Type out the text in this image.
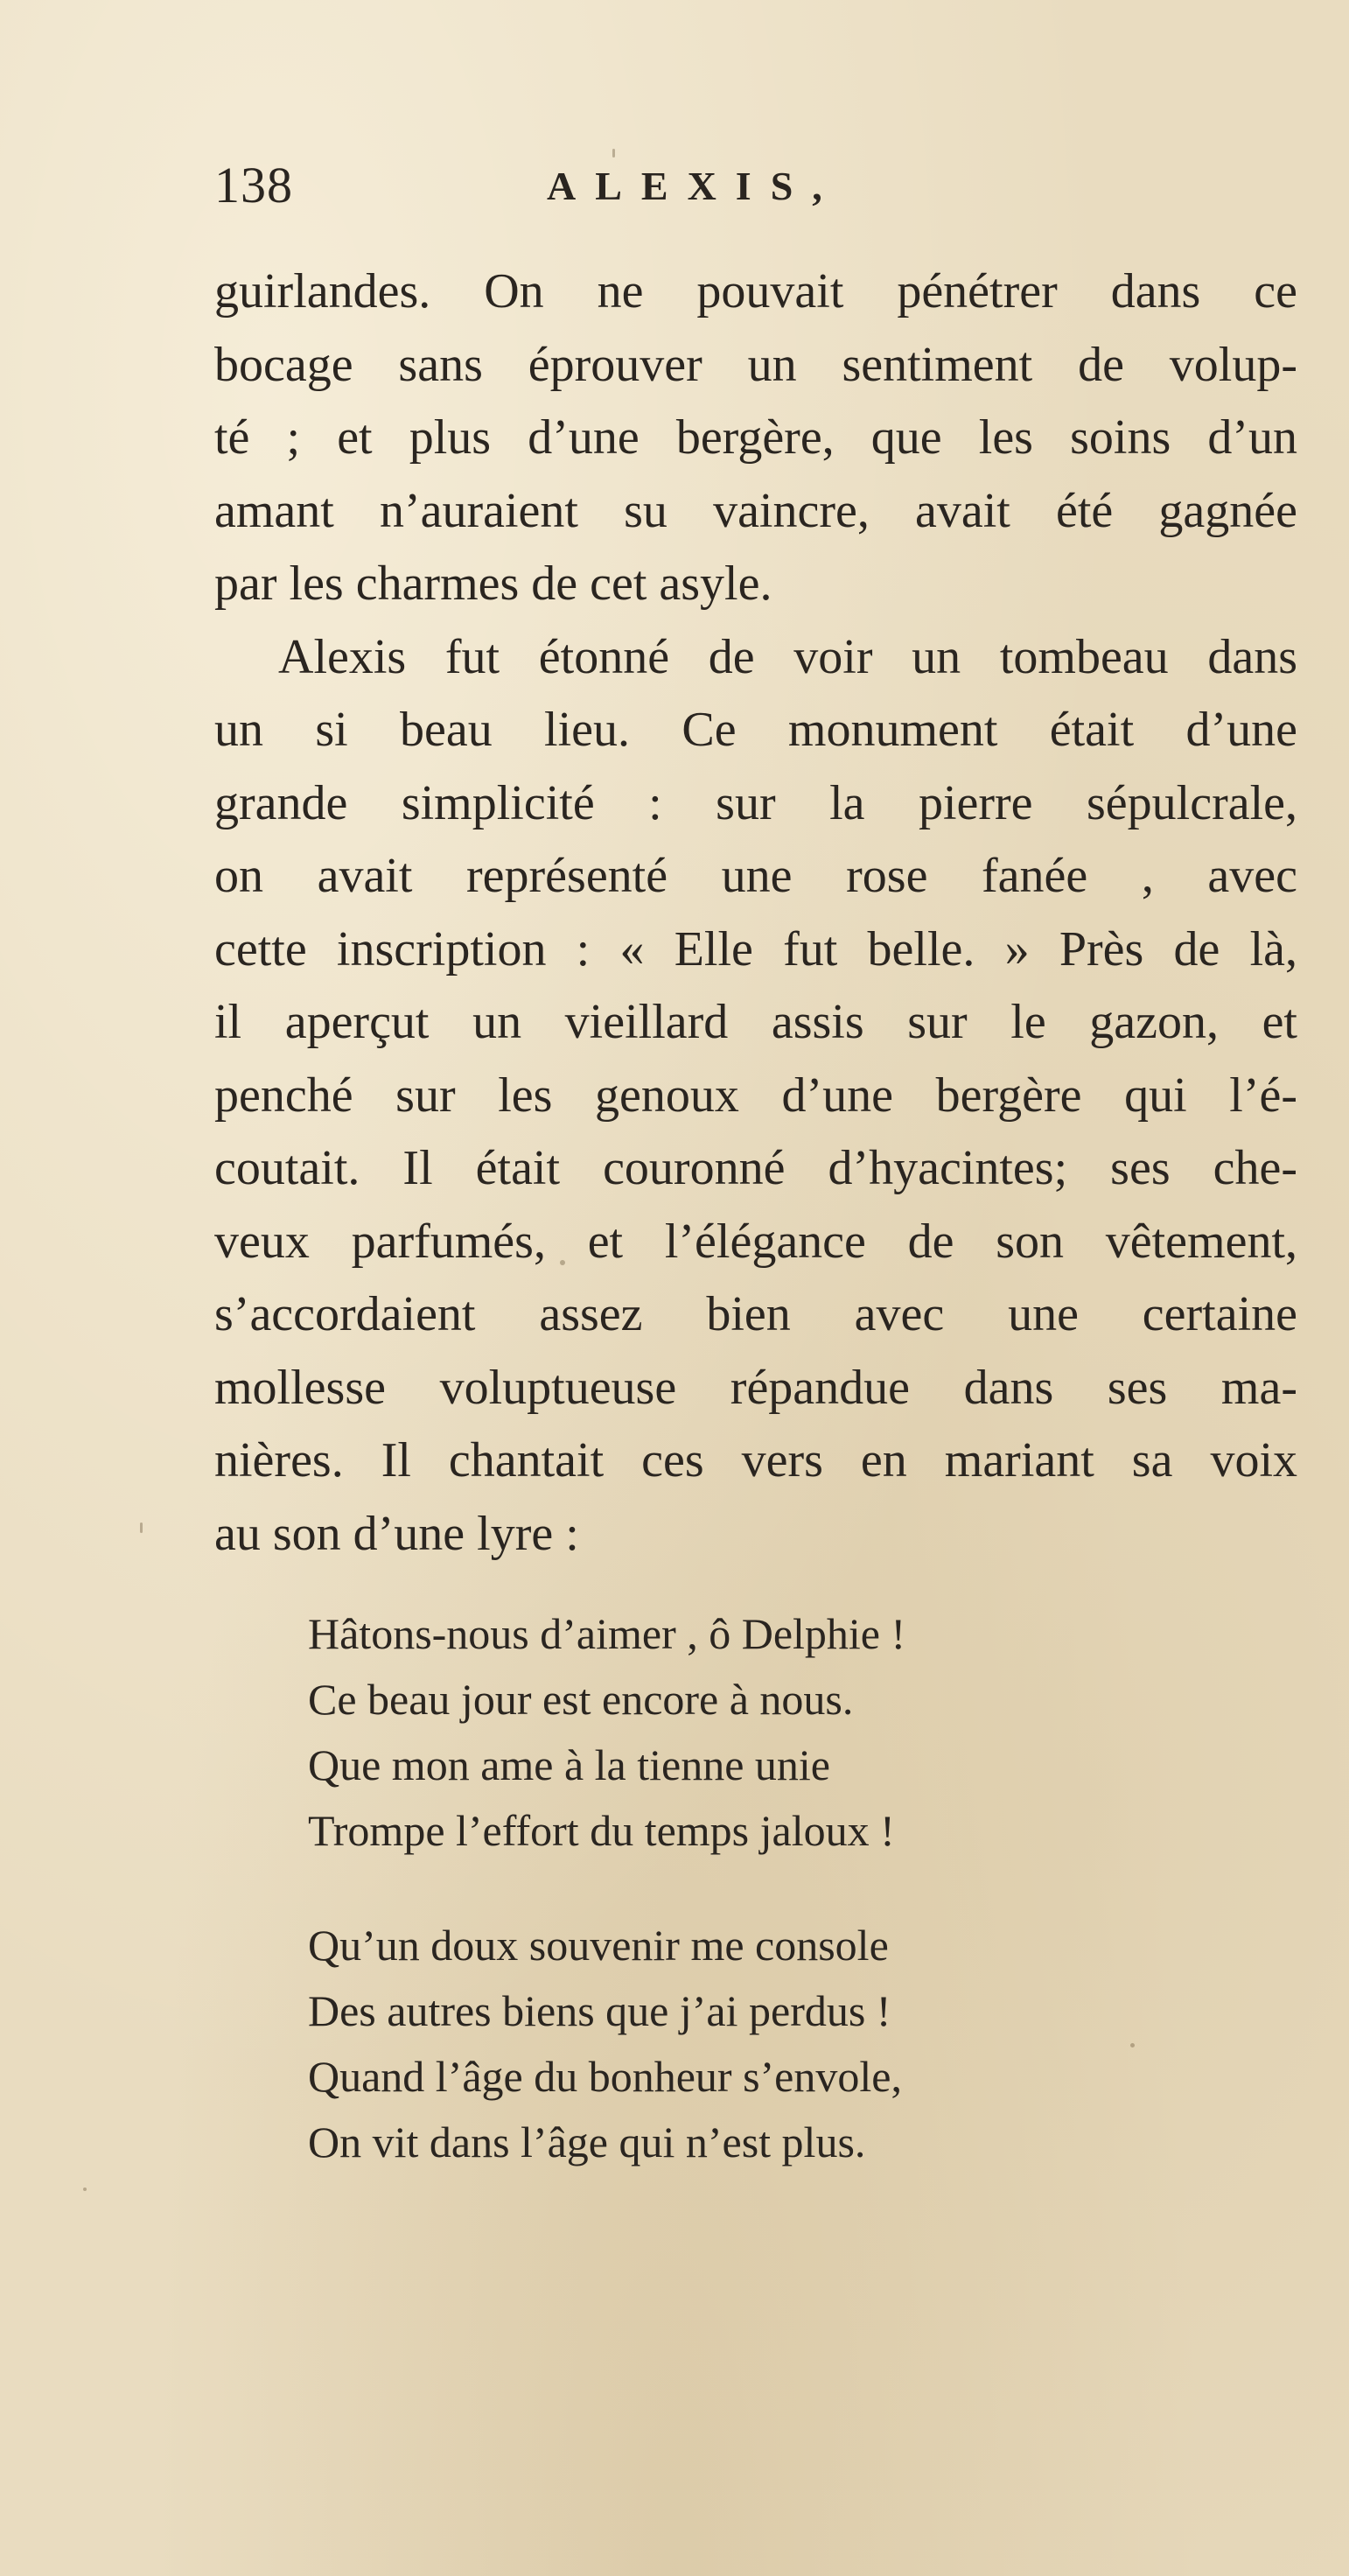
138	ALEXIS,
guirlandes. On ne pouvait pénétrer dans ce
bocage sans éprouver un sentiment de volup-
té ; et plus d’une bergère, que les soins d’un
amant n’auraient su vaincre, avait été gagnée
par les charmes de cet asyle.
Alexis fut étonné de voir un tombeau dans
un si beau lieu. Ce monument était d’une
grande simplicité : sur la pierre sépulcrale,
on avait représenté une rose fanée , avec
cette inscription : « Elle fut belle. » Près de là,
il aperçut un vieillard assis sur le gazon, et
penché sur les genoux d’une bergère qui l’é-
coutait. Il était couronné d’hyacintes; ses che-
veux parfumés, et l’élégance de son vêtement,
s’accordaient assez bien avec une certaine
mollesse voluptueuse répandue dans ses ma-
nières. Il chantait ces vers en mariant sa voix
au son d’une lyre :
Hâtons-nous d’aimer , ô Delphie !
Ce beau jour est encore à nous.
Que mon ame à la tienne unie
Trompe l’effort du temps jaloux !
Qu’un doux souvenir me console
Des autres biens que j’ai perdus !
Quand l’âge du bonheur s’envole,
On vit dans l’âge qui n’est plus.
